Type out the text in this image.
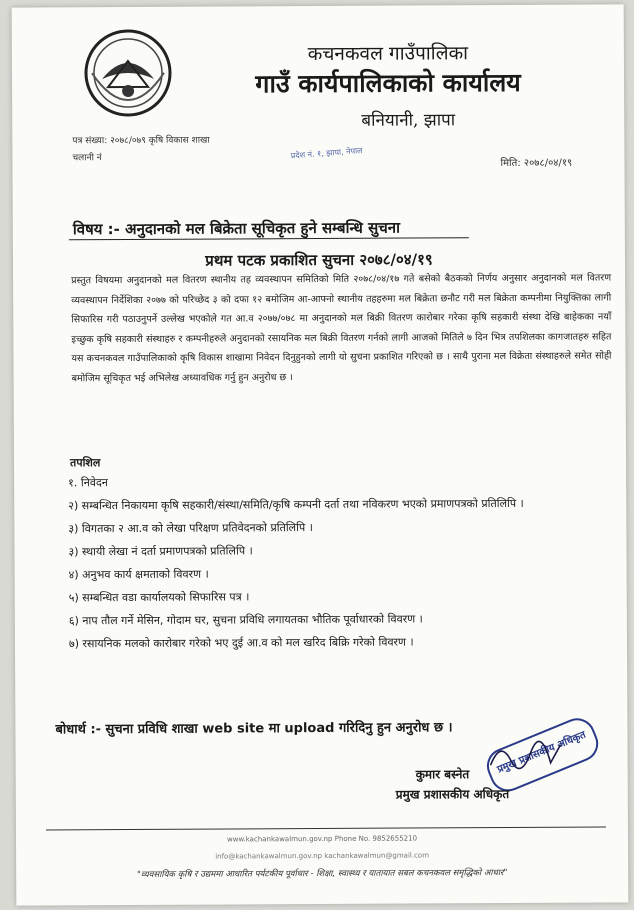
कचनकवल गाउँपालिका
गाउँ कार्यपालिकाको कार्यालय
बनियानी, झापा
पत्र संख्या: २०७८/०७९ कृषि विकास शाखा
चलानी नं	प्रदेश नं. १, झापा, नेपाल
मिति: २०७८/०४/१९
विषय :- अनुदानको मल बिक्रेता सूचिकृत हुने सम्बन्धि सुचना
प्रथम पटक प्रकाशित सुचना २०७८/०४/१९
प्रस्तुत विषयमा अनुदानको मल वितरण स्थानीय तह व्यवस्थापन समितिको मिति २०७८/०४/१७ गते बसेको बैठकको निर्णय अनुसार अनुदानको मल वितरण व्यवस्थापन निर्देशिका २०७७ को परिच्छेद ३ को दफा १२ बमोजिम आ-आफ्नो स्थानीय तहहरुमा मल बिक्रेता छनौट गरी मल बिक्रेता कम्पनीमा नियुक्तिका लागी सिफारिस गरी पठाउनुपर्ने उल्लेख भएकोले गत आ.व २०७७/०७८ मा अनुदानको मल बिक्री वितरण कारोबार गरेका कृषि सहकारी संस्था देखि बाहेकका नयाँ इच्छुक कृषि सहकारी संस्थाहरु र कम्पनीहरुले अनुदानको रसायनिक मल बिक्री वितरण गर्नको लागी आजको मितिले ७ दिन भित्र तपशिलका कागजातहरु सहित यस कचनकवल गाउँपालिकाको कृषि विकास शाखामा निवेदन दिनुहुनको लागी यो सुचना प्रकाशित गरिएको छ । साथै पुराना मल विक्रेता संस्थाहरुले समेत सोही बमोजिम सूचिकृत भई अभिलेख अध्यावधिक गर्नु हुन अनुरोध छ ।
तपशिल
१. निवेदन
२) सम्बन्धित निकायमा कृषि सहकारी/संस्था/समिति/कृषि कम्पनी दर्ता तथा नविकरण भएको प्रमाणपत्रको प्रतिलिपि ।
३) विगतका २ आ.व को लेखा परिक्षण प्रतिवेदनको प्रतिलिपि ।
३) स्थायी लेखा नं दर्ता प्रमाणपत्रको प्रतिलिपि ।
४) अनुभव कार्य क्षमताको विवरण ।
५) सम्बन्धित वडा कार्यालयको सिफारिस पत्र ।
६) नाप तौल गर्ने मेसिन, गोदाम घर, सुचना प्रविधि लगायतका भौतिक पूर्वाधारको विवरण ।
७) रसायनिक मलको कारोबार गरेको भए दुई आ.व को मल खरिद बिक्रि गरेको विवरण ।
बोधार्थ :- सुचना प्रविधि शाखा web site मा upload गरिदिनु हुन अनुरोध छ ।
प्रमुख प्रशासकीय अधिकृत
कुमार बस्नेत
प्रमुख प्रशासकीय अधिकृत
www.kachankawalmun.gov.np Phone No. 9852655210
info@kachankawalmun.gov.np kachankawalmun@gmail.com
"व्यवसायिक कृषि र उद्यममा आधारित पर्यटकीय पूर्वाधार - शिक्षा, स्वास्थ्य र यातायात सबल कचनकवल समृद्धिको आधार"
